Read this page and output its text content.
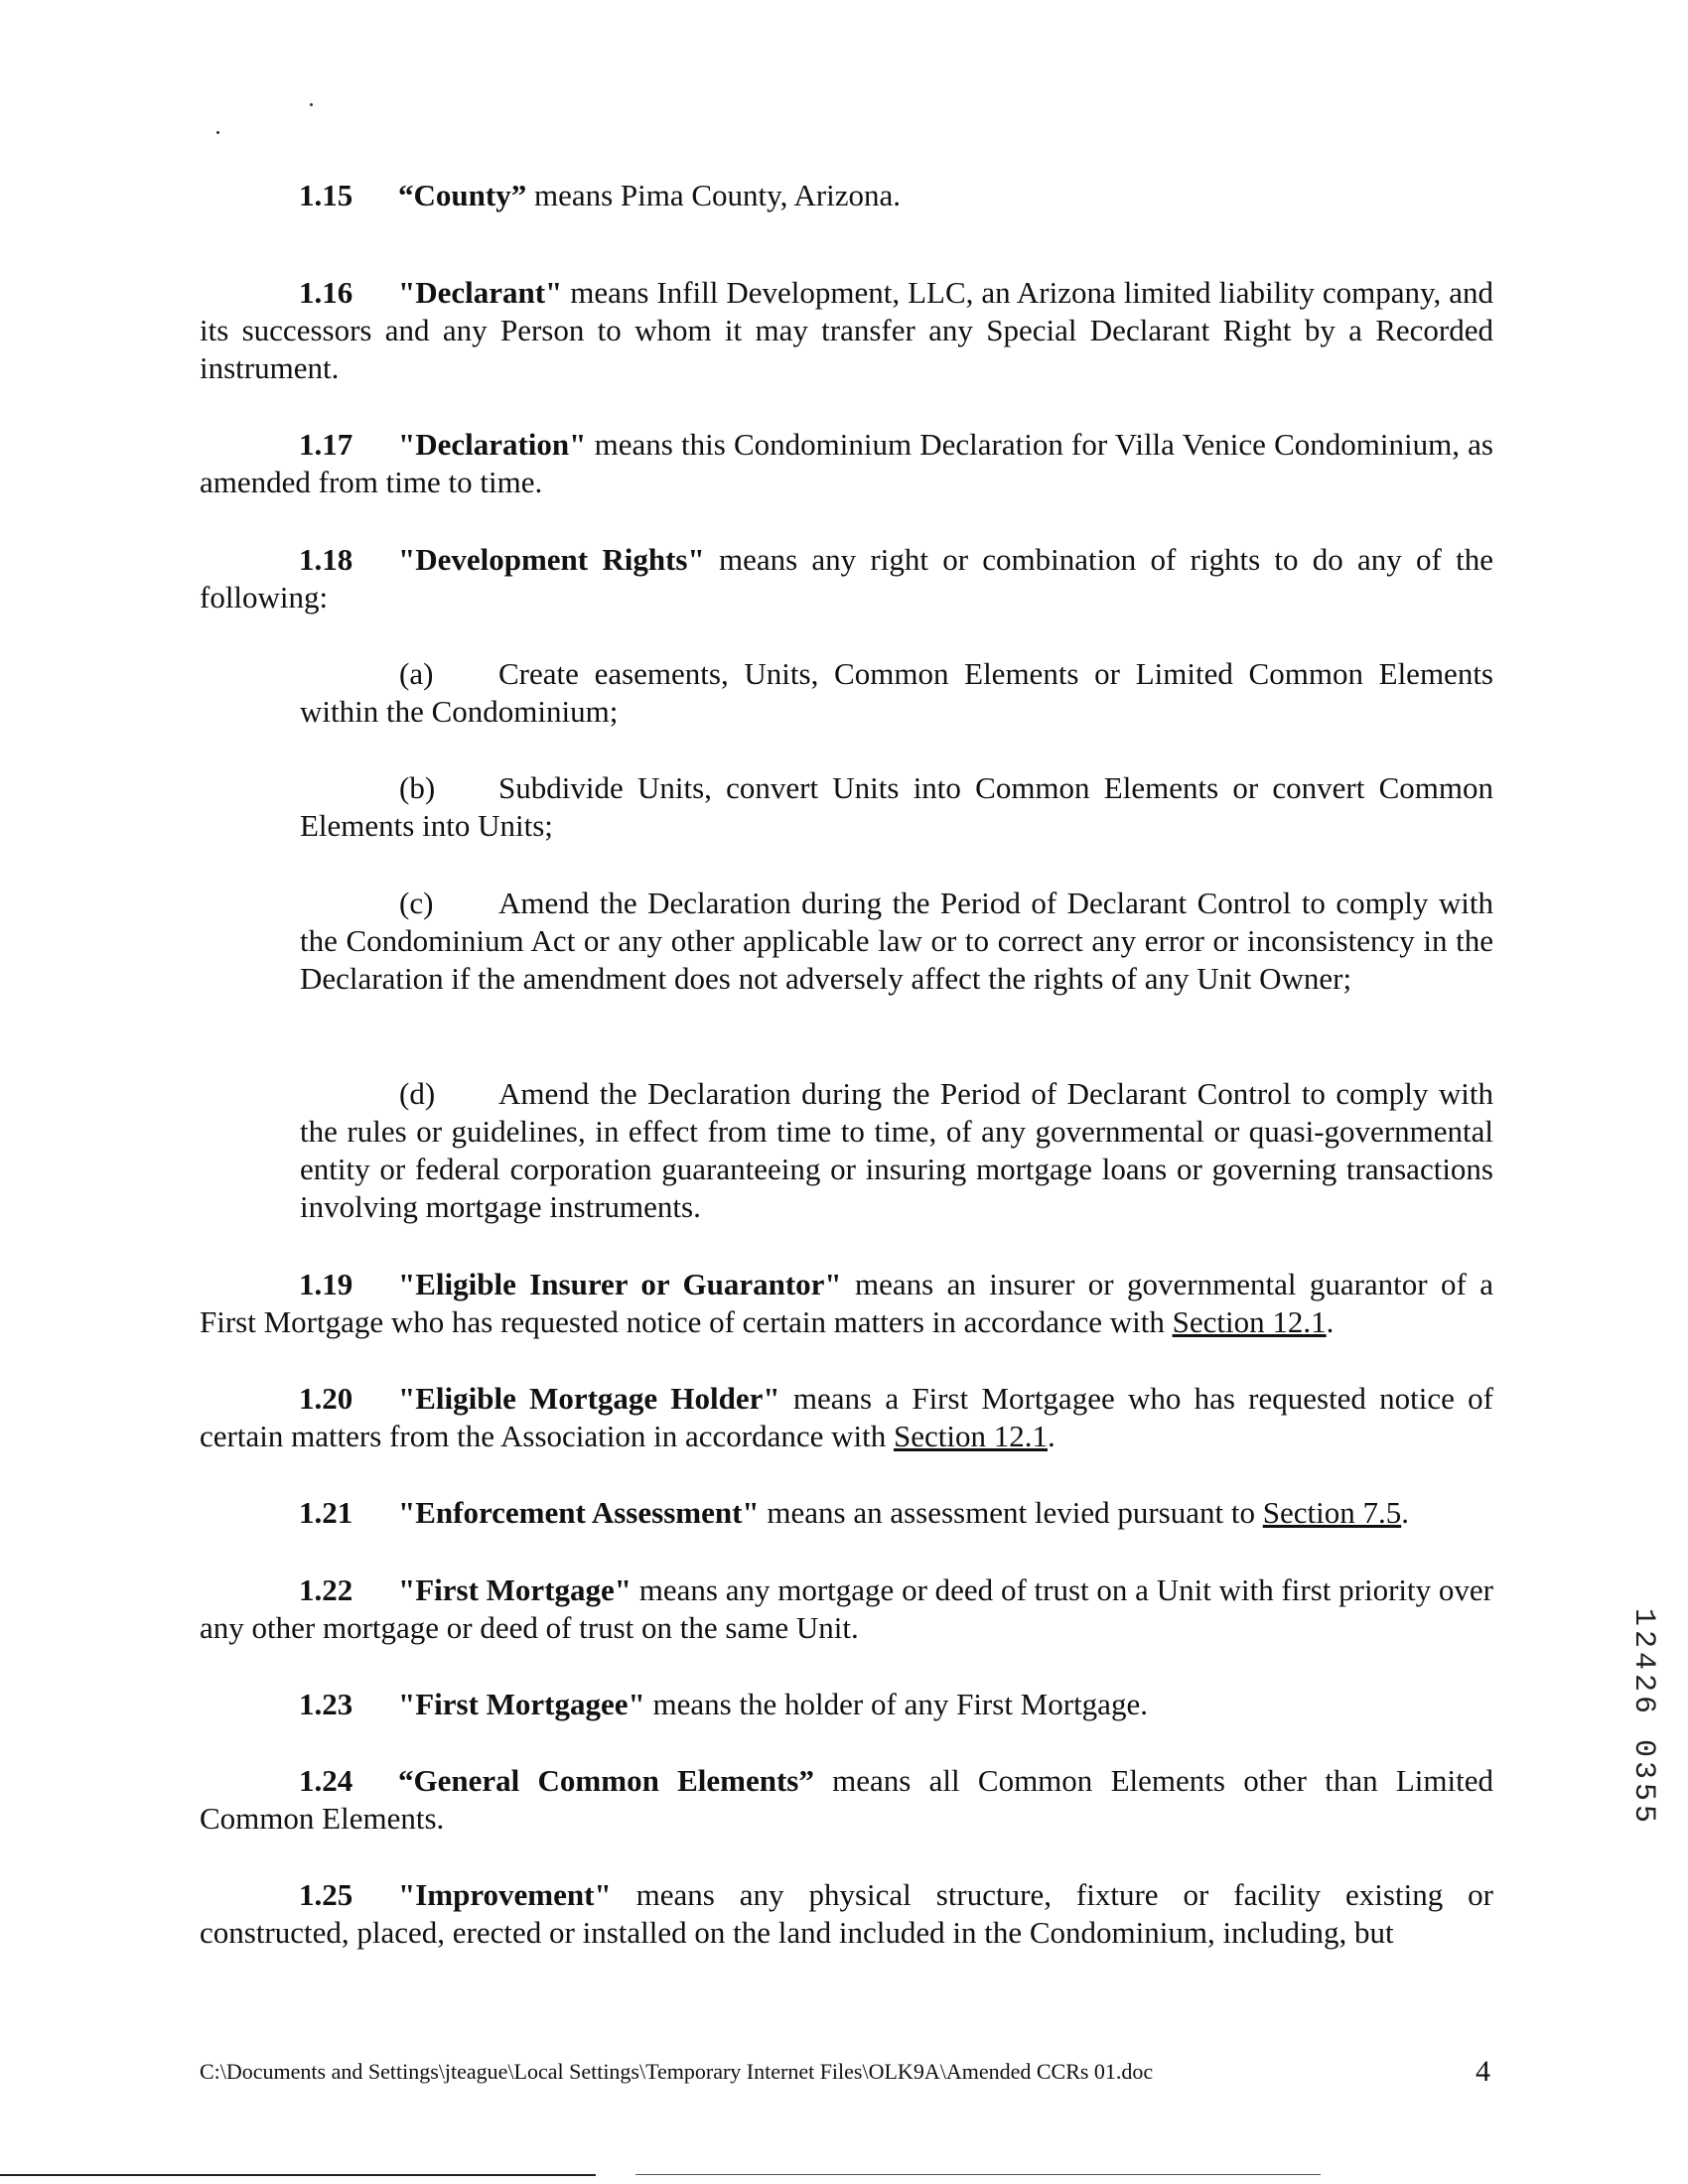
1.15 “County” means Pima County, Arizona.

1.16 "Declarant" means Infill Development, LLC, an Arizona limited liability company, and its successors and any Person to whom it may transfer any Special Declarant Right by a Recorded instrument.

1.17 "Declaration" means this Condominium Declaration for Villa Venice Condominium, as amended from time to time.

1.18 "Development Rights" means any right or combination of rights to do any of the following:

(a) Create easements, Units, Common Elements or Limited Common Elements within the Condominium;

(b) Subdivide Units, convert Units into Common Elements or convert Common Elements into Units;

(c) Amend the Declaration during the Period of Declarant Control to comply with the Condominium Act or any other applicable law or to correct any error or inconsistency in the Declaration if the amendment does not adversely affect the rights of any Unit Owner;

(d) Amend the Declaration during the Period of Declarant Control to comply with the rules or guidelines, in effect from time to time, of any governmental or quasi-governmental entity or federal corporation guaranteeing or insuring mortgage loans or governing transactions involving mortgage instruments.

1.19 "Eligible Insurer or Guarantor" means an insurer or governmental guarantor of a First Mortgage who has requested notice of certain matters in accordance with Section 12.1.

1.20 "Eligible Mortgage Holder" means a First Mortgagee who has requested notice of certain matters from the Association in accordance with Section 12.1.

1.21 "Enforcement Assessment" means an assessment levied pursuant to Section 7.5.

1.22 "First Mortgage" means any mortgage or deed of trust on a Unit with first priority over any other mortgage or deed of trust on the same Unit.

1.23 "First Mortgagee" means the holder of any First Mortgage.

1.24 “General Common Elements” means all Common Elements other than Limited Common Elements.

1.25 "Improvement" means any physical structure, fixture or facility existing or constructed, placed, erected or installed on the land included in the Condominium, including, but

12426 0355
C:\Documents and Settings\jteague\Local Settings\Temporary Internet Files\OLK9A\Amended CCRs 01.doc	4
